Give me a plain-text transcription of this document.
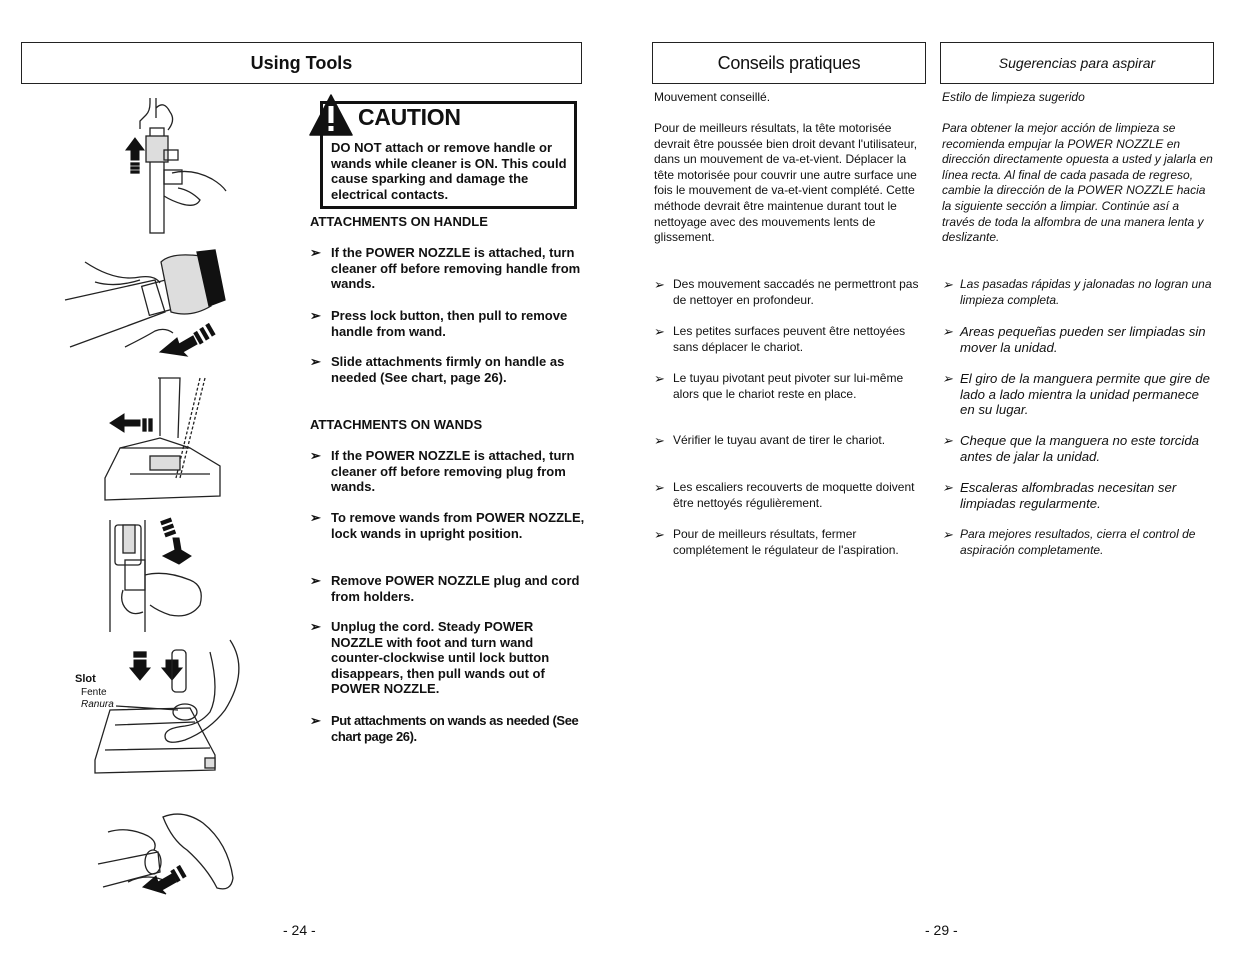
Using Tools
CAUTION
DO NOT attach or remove handle or wands while cleaner is ON. This could cause sparking and damage the electrical contacts.

ATTACHMENTS ON HANDLE

➢ If the POWER NOZZLE is attached, turn cleaner off before removing handle from wands.
➢ Press lock button, then pull to remove handle from wand.
➢ Slide attachments firmly on handle as needed (See chart, page 26).

ATTACHMENTS ON WANDS

➢ If the POWER NOZZLE is attached, turn cleaner off before removing plug from wands.
➢ To remove wands from POWER NOZZLE, lock wands in upright position.
➢ Remove POWER NOZZLE plug and cord from holders.
➢ Unplug the cord. Steady POWER NOZZLE with foot and turn wand counter-clockwise until lock button disappears, then pull wands out of POWER NOZZLE.
➢ Put attachments on wands as needed (See chart page 26).
Slot
Fente
Ranura
- 24 -
Conseils pratiques	Sugerencias para aspirar
Mouvement conseillé.
Pour de meilleurs résultats, la tête motorisée devrait être poussée bien droit devant l'utilisateur, dans un mouvement de va-et-vient. Déplacer la tête motorisée pour couvrir une autre surface une fois le mouvement de va-et-vient complété. Cette méthode devrait être maintenue durant tout le nettoyage avec des mouvements lents de glissement.
➢ Des mouvement saccadés ne permettront pas de nettoyer en profondeur.
➢ Les petites surfaces peuvent être nettoyées sans déplacer le chariot.
➢ Le tuyau pivotant peut pivoter sur lui-même alors que le chariot reste en place.
➢ Vérifier le tuyau avant de tirer le chariot.
➢ Les escaliers recouverts de moquette doivent être nettoyés régulièrement.
➢ Pour de meilleurs résultats, fermer complétement le régulateur de l'aspiration.
Estilo de limpieza sugerido
Para obtener la mejor acción de limpieza se recomienda empujar la POWER NOZZLE en dirección directamente opuesta a usted y jalarla en línea recta. Al final de cada pasada de regreso, cambie la dirección de la POWER NOZZLE hacia la siguiente sección a limpiar. Continúe así a través de toda la alfombra de una manera lenta y deslizante.
➢ Las pasadas rápidas y jalonadas no logran una limpieza completa.
➢ Areas pequeñas pueden ser limpiadas sin mover la unidad.
➢ El giro de la manguera permite que gire de lado a lado mientra la unidad permanece en su lugar.
➢ Cheque que la manguera no este torcida antes de jalar la unidad.
➢ Escaleras alfombradas necesitan ser limpiadas regularmente.
➢ Para mejores resultados, cierra el control de aspiración completamente.
- 29 -
